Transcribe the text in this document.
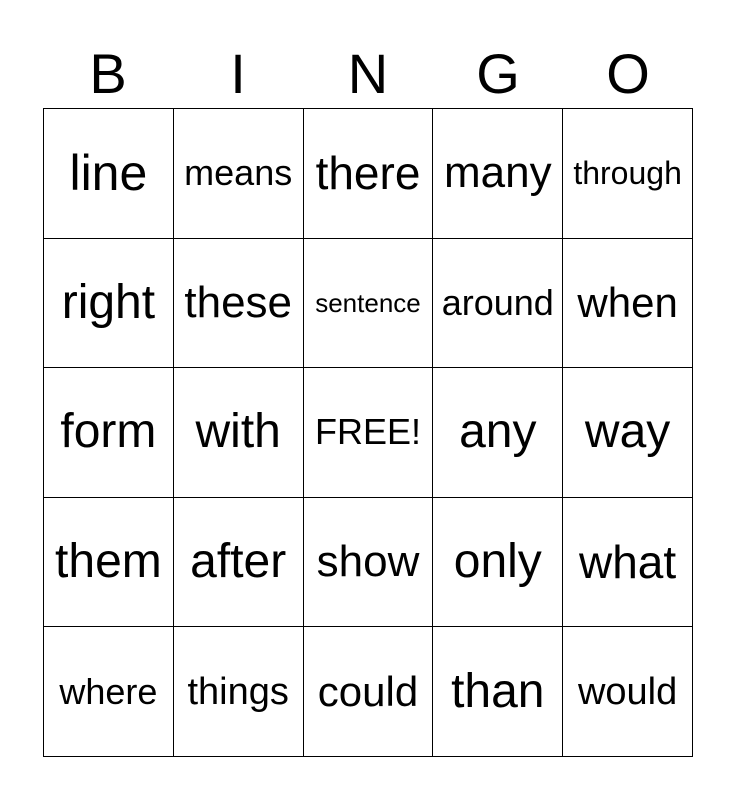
B	I	N	G	O
line	means there many through
right these sentence around when
form with FREE! any	way
them after show only what
where things could than would
